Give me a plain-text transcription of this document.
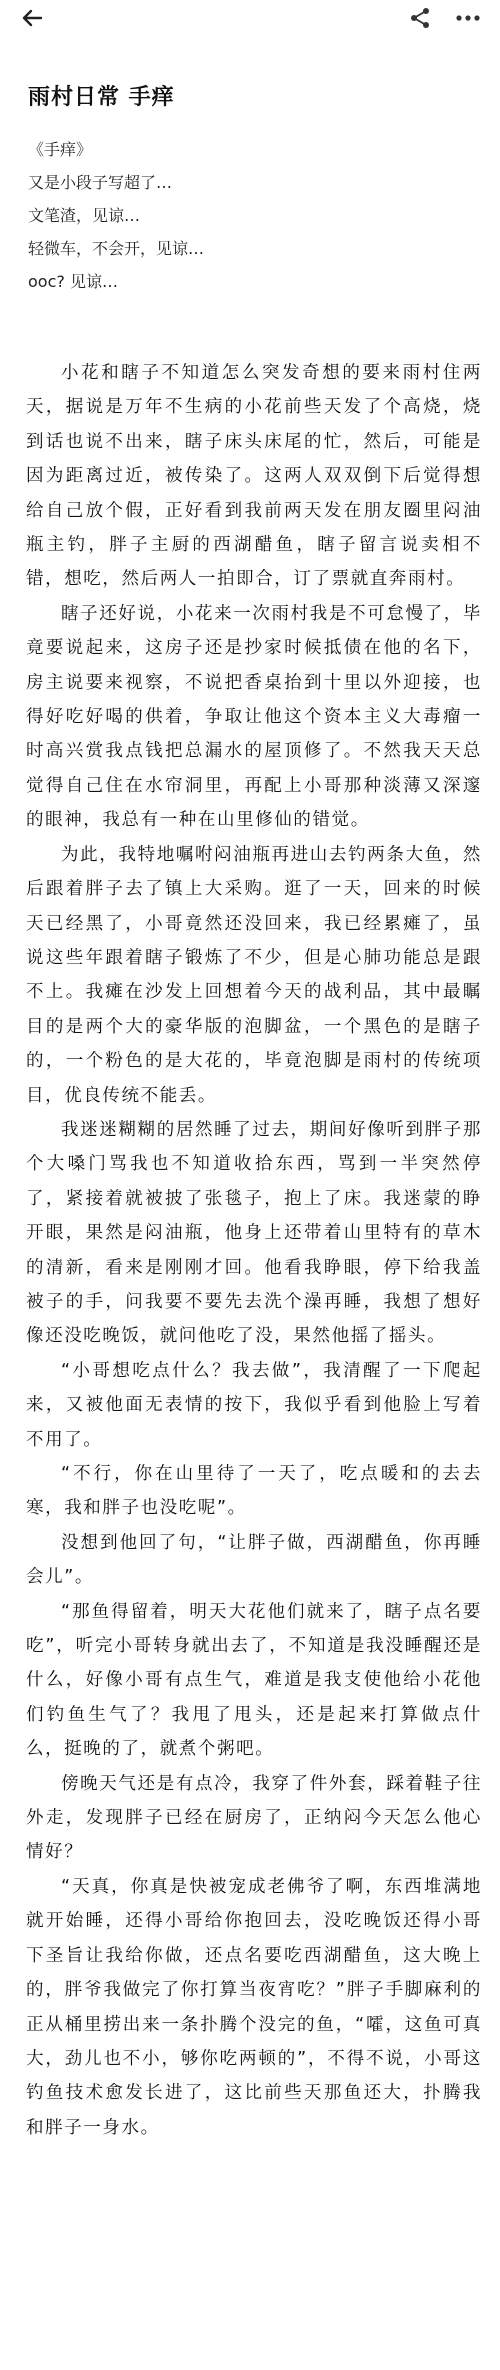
雨村日常 手痒
《手痒》
又是小段子写超了…
文笔渣，见谅…
轻微车，不会开，见谅…
ooc? 见谅…

小花和瞎子不知道怎么突发奇想的要来雨村住两天，据说是万年不生病的小花前些天发了个高烧，烧到话也说不出来，瞎子床头床尾的忙，然后，可能是因为距离过近，被传染了。这两人双双倒下后觉得想给自己放个假，正好看到我前两天发在朋友圈里闷油瓶主钓，胖子主厨的西湖醋鱼，瞎子留言说卖相不错，想吃，然后两人一拍即合，订了票就直奔雨村。

瞎子还好说，小花来一次雨村我是不可怠慢了，毕竟要说起来，这房子还是抄家时候抵债在他的名下，房主说要来视察，不说把香桌抬到十里以外迎接，也得好吃好喝的供着，争取让他这个资本主义大毒瘤一时高兴赏我点钱把总漏水的屋顶修了。不然我天天总觉得自己住在水帘洞里，再配上小哥那种淡薄又深邃的眼神，我总有一种在山里修仙的错觉。

为此，我特地嘱咐闷油瓶再进山去钓两条大鱼，然后跟着胖子去了镇上大采购。逛了一天，回来的时候天已经黑了，小哥竟然还没回来，我已经累瘫了，虽说这些年跟着瞎子锻炼了不少，但是心肺功能总是跟不上。我瘫在沙发上回想着今天的战利品，其中最瞩目的是两个大的豪华版的泡脚盆，一个黑色的是瞎子的，一个粉色的是大花的，毕竟泡脚是雨村的传统项目，优良传统不能丢。

我迷迷糊糊的居然睡了过去，期间好像听到胖子那个大嗓门骂我也不知道收拾东西，骂到一半突然停了，紧接着就被披了张毯子，抱上了床。我迷蒙的睁开眼，果然是闷油瓶，他身上还带着山里特有的草木的清新，看来是刚刚才回。他看我睁眼，停下给我盖被子的手，问我要不要先去洗个澡再睡，我想了想好像还没吃晚饭，就问他吃了没，果然他摇了摇头。

“小哥想吃点什么？我去做”，我清醒了一下爬起来，又被他面无表情的按下，我似乎看到他脸上写着不用了。

“不行，你在山里待了一天了，吃点暖和的去去寒，我和胖子也没吃呢”。

没想到他回了句，“让胖子做，西湖醋鱼，你再睡会儿”。

“那鱼得留着，明天大花他们就来了，瞎子点名要吃”，听完小哥转身就出去了，不知道是我没睡醒还是什么，好像小哥有点生气，难道是我支使他给小花他们钓鱼生气了？我甩了甩头，还是起来打算做点什么，挺晚的了，就煮个粥吧。

傍晚天气还是有点冷，我穿了件外套，踩着鞋子往外走，发现胖子已经在厨房了，正纳闷今天怎么他心情好？

“天真，你真是快被宠成老佛爷了啊，东西堆满地就开始睡，还得小哥给你抱回去，没吃晚饭还得小哥下圣旨让我给你做，还点名要吃西湖醋鱼，这大晚上的，胖爷我做完了你打算当夜宵吃？”胖子手脚麻利的正从桶里捞出来一条扑腾个没完的鱼，“嚯，这鱼可真大，劲儿也不小，够你吃两顿的”，不得不说，小哥这钓鱼技术愈发长进了，这比前些天那鱼还大，扑腾我和胖子一身水。
